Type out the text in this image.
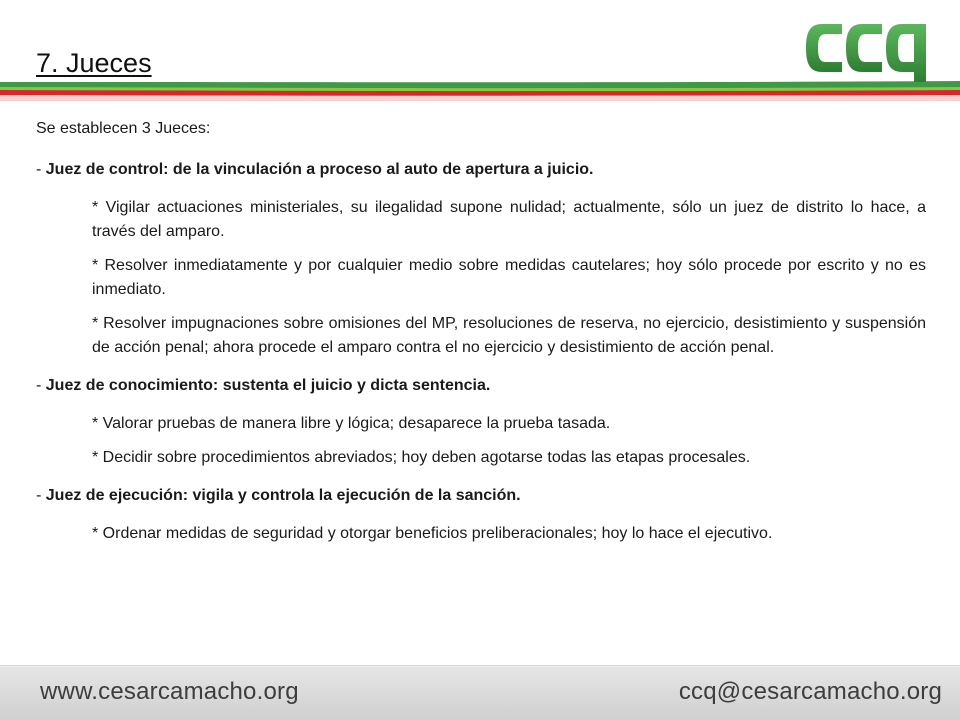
7. Jueces

Se establecen 3 Jueces:

- Juez de control: de la vinculación a proceso al auto de apertura a juicio.

* Vigilar actuaciones ministeriales, su ilegalidad supone nulidad; actualmente, sólo un juez de distrito lo hace, a través del amparo.
* Resolver inmediatamente y por cualquier medio sobre medidas cautelares; hoy sólo procede por escrito y no es inmediato.
* Resolver impugnaciones sobre omisiones del MP, resoluciones de reserva, no ejercicio, desistimiento y suspensión de acción penal; ahora procede el amparo contra el no ejercicio y desistimiento de acción penal.

- Juez de conocimiento: sustenta el juicio y dicta sentencia.

* Valorar pruebas de manera libre y lógica; desaparece la prueba tasada.
* Decidir sobre procedimientos abreviados; hoy deben agotarse todas las etapas procesales.

- Juez de ejecución: vigila y controla la ejecución de la sanción.

* Ordenar medidas de seguridad y otorgar beneficios preliberacionales; hoy lo hace el ejecutivo.
www.cesarcamacho.org	ccq@cesarcamacho.org
